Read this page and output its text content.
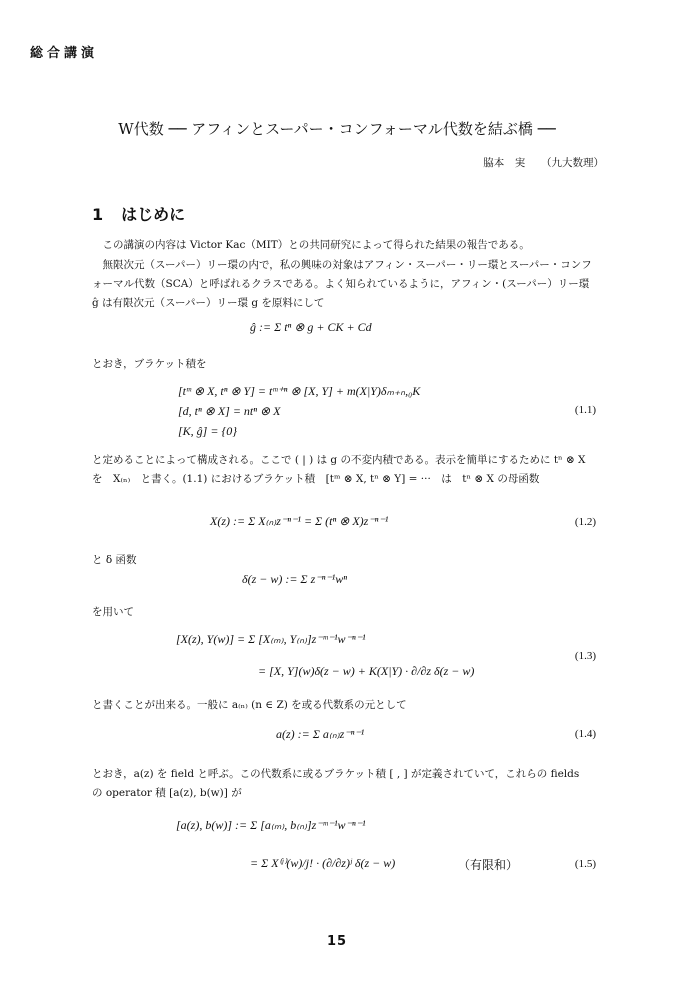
総合講演
W代数 ── アフィンとスーパー・コンフォーマル代数を結ぶ橋 ──
脇本　実　　（九大数理）
1 はじめに
この講演の内容は Victor Kac（MIT）との共同研究によって得られた結果の報告である。
無限次元（スーパー）リー環の内で，私の興味の対象はアフィン・スーパー・リー環とスーパー・コンフォーマル代数（SCA）と呼ばれるクラスである。よく知られているように，アフィン・(スーパー）リー環 ĝ は有限次元（スーパー）リー環 g を原料にして
ĝ := Σ tⁿ ⊗ g + CK + Cd
とおき，ブラケット積を
[tᵐ ⊗ X, tⁿ ⊗ Y] = tᵐ⁺ⁿ ⊗ [X, Y] + m(X|Y)δₘ₊ₙ,₀K
[d, tⁿ ⊗ X] = ntⁿ ⊗ X
[K, ĝ] = {0}
(1.1)
と定めることによって構成される。ここで ( | ) は g の不変内積である。表示を簡単にするために tⁿ ⊗ X　を　X₍ₙ₎　と書く。(1.1) におけるブラケット積　[tᵐ ⊗ X, tⁿ ⊗ Y] = ···　は　tⁿ ⊗ X の母函数
X(z) := Σ X₍ₙ₎z⁻ⁿ⁻¹ = Σ (tⁿ ⊗ X)z⁻ⁿ⁻¹	(1.2)
と δ 函数
δ(z − w) := Σ z⁻ⁿ⁻¹wⁿ
を用いて
[X(z), Y(w)] = Σ [X₍ₘ₎, Y₍ₙ₎]z⁻ᵐ⁻¹w⁻ⁿ⁻¹
= [X, Y](w)δ(z − w) + K(X|Y) · ∂/∂z δ(z − w)
(1.3)
と書くことが出来る。一般に a₍ₙ₎ (n ∈ Z) を或る代数系の元として
a(z) := Σ a₍ₙ₎z⁻ⁿ⁻¹	(1.4)
とおき，a(z) を field と呼ぶ。この代数系に或るブラケット積 [ , ] が定義されていて，これらの fields の operator 積 [a(z), b(w)] が
[a(z), b(w)] := Σ [a₍ₘ₎, b₍ₙ₎]z⁻ᵐ⁻¹w⁻ⁿ⁻¹
= Σ X⁽ʲ⁾(w)/j! · (∂/∂z)ʲ δ(z − w)	（有限和）	(1.5)
15
